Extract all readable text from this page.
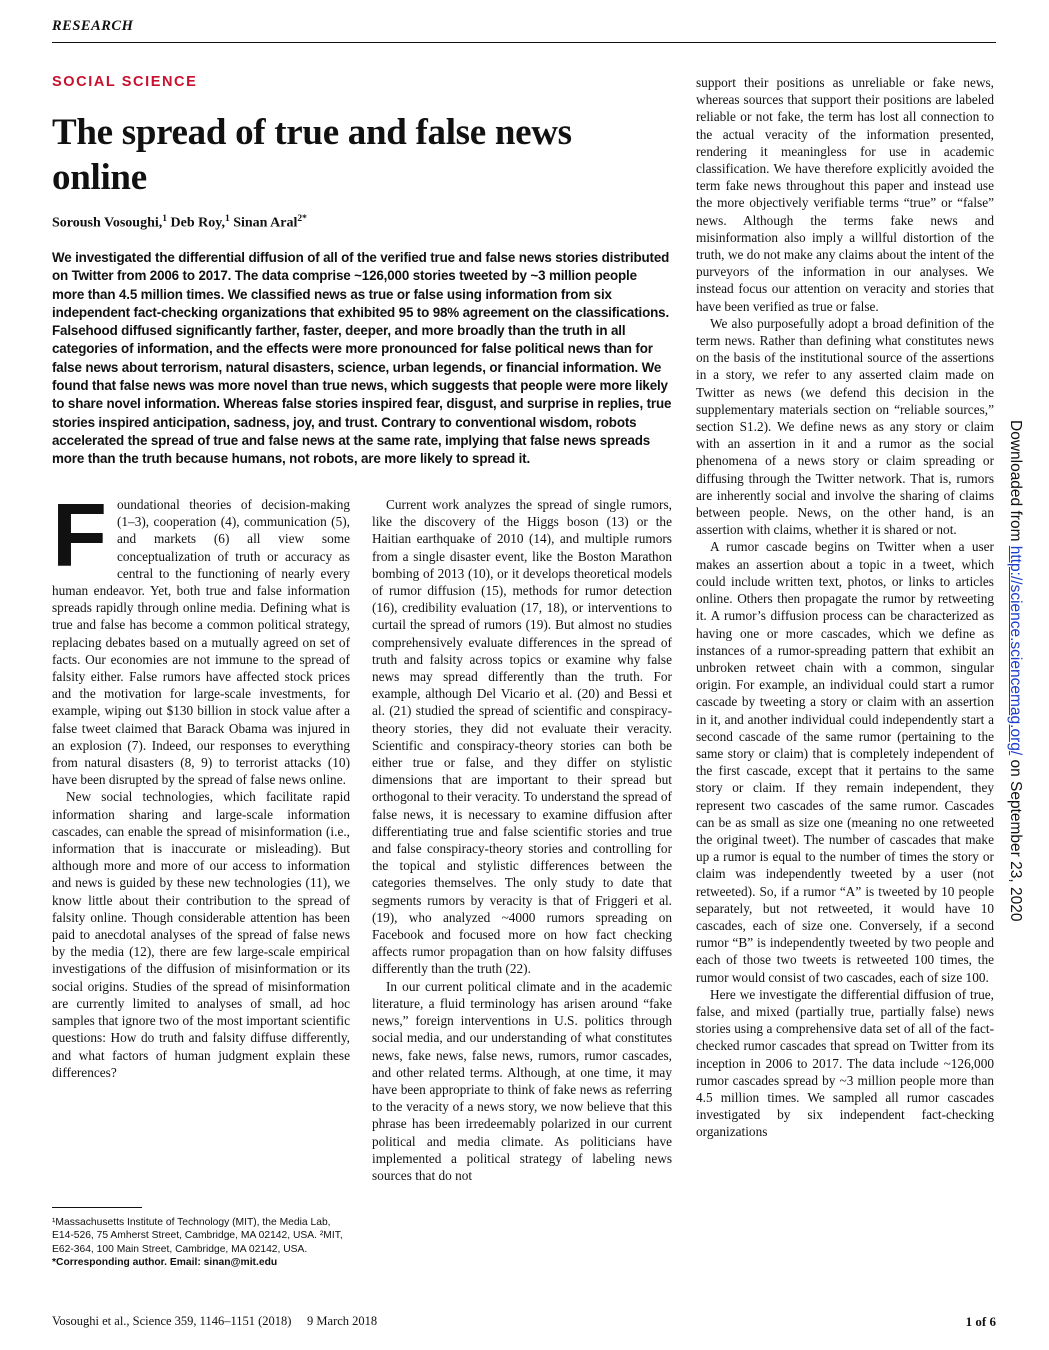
RESEARCH
SOCIAL SCIENCE
The spread of true and false news online
Soroush Vosoughi,$^1$ Deb Roy,$^1$ Sinan Aral$^{2*}$

We investigated the differential diffusion of all of the verified true and false news stories distributed on Twitter from 2006 to 2017. The data comprise ~126,000 stories tweeted by ~3 million people more than 4.5 million times. We classified news as true or false using information from six independent fact-checking organizations that exhibited 95 to 98% agreement on the classifications. Falsehood diffused significantly farther, faster, deeper, and more broadly than the truth in all categories of information, and the effects were more pronounced for false political news than for false news about terrorism, natural disasters, science, urban legends, or financial information. We found that false news was more novel than true news, which suggests that people were more likely to share novel information. Whereas false stories inspired fear, disgust, and surprise in replies, true stories inspired anticipation, sadness, joy, and trust. Contrary to conventional wisdom, robots accelerated the spread of true and false news at the same rate, implying that false news spreads more than the truth because humans, not robots, are more likely to spread it.

F oundational theories of decision-making (1–3), cooperation (4), communication (5), and markets (6) all view some conceptualization of truth or accuracy as central to the functioning of nearly every human endeavor. Yet, both true and false information spreads rapidly through online media. Defining what is true and false has become a common political strategy, replacing debates based on a mutually agreed on set of facts. Our economies are not immune to the spread of falsity either. False rumors have affected stock prices and the motivation for large-scale investments, for example, wiping out $130 billion in stock value after a false tweet claimed that Barack Obama was injured in an explosion (7). Indeed, our responses to everything from natural disasters (8, 9) to terrorist attacks (10) have been disrupted by the spread of false news online.

New social technologies, which facilitate rapid information sharing and large-scale information cascades, can enable the spread of misinformation (i.e., information that is inaccurate or misleading). But although more and more of our access to information and news is guided by these new technologies (11), we know little about their contribution to the spread of falsity online. Though considerable attention has been paid to anecdotal analyses of the spread of false news by the media (12), there are few large-scale empirical investigations of the diffusion of misinformation or its social origins. Studies of the spread of misinformation are currently limited to analyses of small, ad hoc samples that ignore two of the most important scientific questions: How do truth and falsity diffuse differently, and what factors of human judgment explain these differences?

Current work analyzes the spread of single rumors, like the discovery of the Higgs boson (13) or the Haitian earthquake of 2010 (14), and multiple rumors from a single disaster event, like the Boston Marathon bombing of 2013 (10), or it develops theoretical models of rumor diffusion (15), methods for rumor detection (16), credibility evaluation (17, 18), or interventions to curtail the spread of rumors (19). But almost no studies comprehensively evaluate differences in the spread of truth and falsity across topics or examine why false news may spread differently than the truth. For example, although Del Vicario et al. (20) and Bessi et al. (21) studied the spread of scientific and conspiracy-theory stories, they did not evaluate their veracity. Scientific and conspiracy-theory stories can both be either true or false, and they differ on stylistic dimensions that are important to their spread but orthogonal to their veracity. To understand the spread of false news, it is necessary to examine diffusion after differentiating true and false scientific stories and true and false conspiracy-theory stories and controlling for the topical and stylistic differences between the categories themselves. The only study to date that segments rumors by veracity is that of Friggeri et al. (19), who analyzed ~4000 rumors spreading on Facebook and focused more on how fact checking affects rumor propagation than on how falsity diffuses differently than the truth (22).

In our current political climate and in the academic literature, a fluid terminology has arisen around “fake news,” foreign interventions in U.S. politics through social media, and our understanding of what constitutes news, fake news, false news, rumors, rumor cascades, and other related terms. Although, at one time, it may have been appropriate to think of fake news as referring to the veracity of a news story, we now believe that this phrase has been irredeemably polarized in our current political and media climate. As politicians have implemented a political strategy of labeling news sources that do not

support their positions as unreliable or fake news, whereas sources that support their positions are labeled reliable or not fake, the term has lost all connection to the actual veracity of the information presented, rendering it meaningless for use in academic classification. We have therefore explicitly avoided the term fake news throughout this paper and instead use the more objectively verifiable terms “true” or “false” news. Although the terms fake news and misinformation also imply a willful distortion of the truth, we do not make any claims about the intent of the purveyors of the information in our analyses. We instead focus our attention on veracity and stories that have been verified as true or false.

We also purposefully adopt a broad definition of the term news. Rather than defining what constitutes news on the basis of the institutional source of the assertions in a story, we refer to any asserted claim made on Twitter as news (we defend this decision in the supplementary materials section on “reliable sources,” section S1.2). We define news as any story or claim with an assertion in it and a rumor as the social phenomena of a news story or claim spreading or diffusing through the Twitter network. That is, rumors are inherently social and involve the sharing of claims between people. News, on the other hand, is an assertion with claims, whether it is shared or not.

A rumor cascade begins on Twitter when a user makes an assertion about a topic in a tweet, which could include written text, photos, or links to articles online. Others then propagate the rumor by retweeting it. A rumor’s diffusion process can be characterized as having one or more cascades, which we define as instances of a rumor-spreading pattern that exhibit an unbroken retweet chain with a common, singular origin. For example, an individual could start a rumor cascade by tweeting a story or claim with an assertion in it, and another individual could independently start a second cascade of the same rumor (pertaining to the same story or claim) that is completely independent of the first cascade, except that it pertains to the same story or claim. If they remain independent, they represent two cascades of the same rumor. Cascades can be as small as size one (meaning no one retweeted the original tweet). The number of cascades that make up a rumor is equal to the number of times the story or claim was independently tweeted by a user (not retweeted). So, if a rumor “A” is tweeted by 10 people separately, but not retweeted, it would have 10 cascades, each of size one. Conversely, if a second rumor “B” is independently tweeted by two people and each of those two tweets is retweeted 100 times, the rumor would consist of two cascades, each of size 100.

Here we investigate the differential diffusion of true, false, and mixed (partially true, partially false) news stories using a comprehensive data set of all of the fact-checked rumor cascades that spread on Twitter from its inception in 2006 to 2017. The data include ~126,000 rumor cascades spread by ~3 million people more than 4.5 million times. We sampled all rumor cascades investigated by six independent fact-checking organizations

¹Massachusetts Institute of Technology (MIT), the Media Lab, E14-526, 75 Amherst Street, Cambridge, MA 02142, USA. ²MIT, E62-364, 100 Main Street, Cambridge, MA 02142, USA.

*Corresponding author. Email: sinan@mit.edu

Vosoughi et al., Science 359, 1146–1151 (2018)     9 March 2018	1 of 6
Downloaded from http://science.sciencemag.org/ on September 23, 2020
